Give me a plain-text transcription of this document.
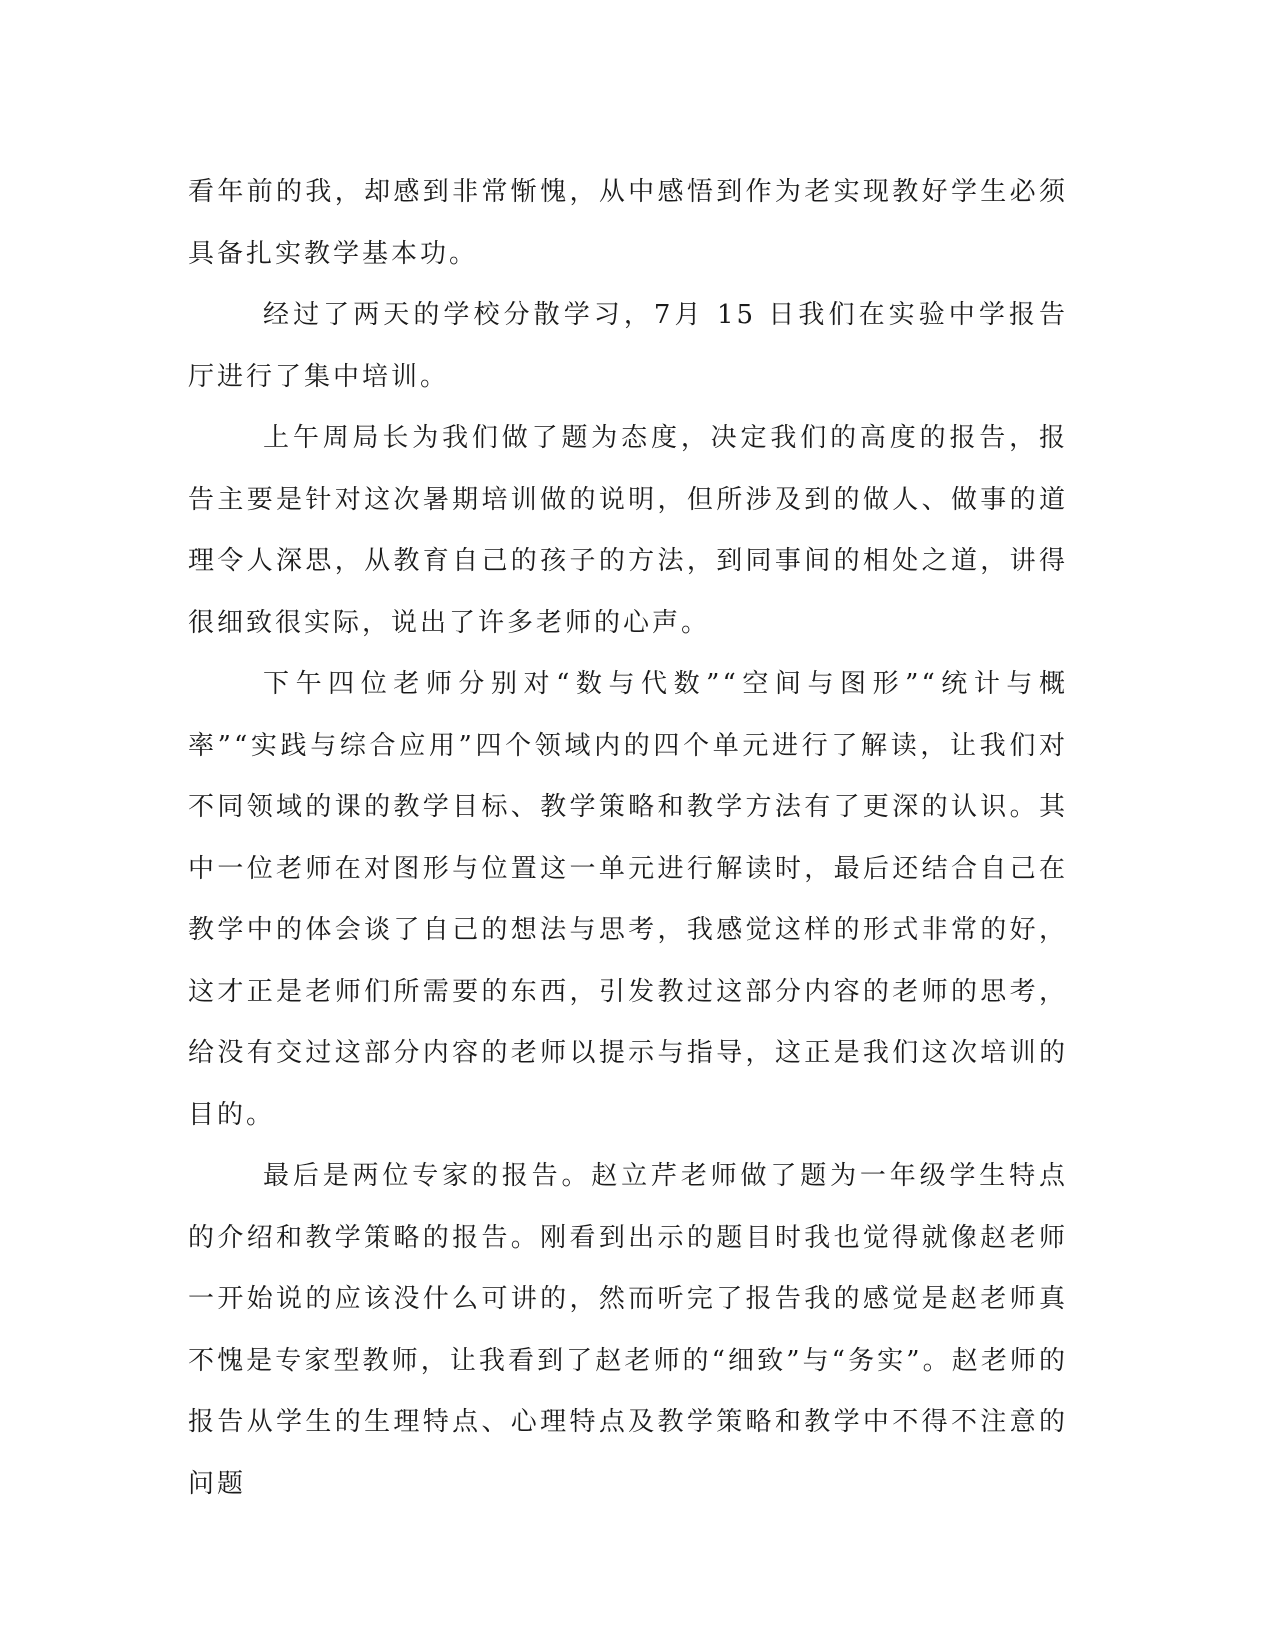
看年前的我，却感到非常惭愧，从中感悟到作为老实现教好学生必须具备扎实教学基本功。

经过了两天的学校分散学习，7月 15 日我们在实验中学报告厅进行了集中培训。

上午周局长为我们做了题为态度，决定我们的高度的报告，报告主要是针对这次暑期培训做的说明，但所涉及到的做人、做事的道理令人深思，从教育自己的孩子的方法，到同事间的相处之道，讲得很细致很实际，说出了许多老师的心声。

下午四位老师分别对“数与代数”“空间与图形”“统计与概率”“实践与综合应用”四个领域内的四个单元进行了解读，让我们对不同领域的课的教学目标、教学策略和教学方法有了更深的认识。其中一位老师在对图形与位置这一单元进行解读时，最后还结合自己在教学中的体会谈了自己的想法与思考，我感觉这样的形式非常的好，这才正是老师们所需要的东西，引发教过这部分内容的老师的思考，给没有交过这部分内容的老师以提示与指导，这正是我们这次培训的目的。

最后是两位专家的报告。赵立芹老师做了题为一年级学生特点的介绍和教学策略的报告。刚看到出示的题目时我也觉得就像赵老师一开始说的应该没什么可讲的，然而听完了报告我的感觉是赵老师真不愧是专家型教师，让我看到了赵老师的“细致”与“务实”。赵老师的报告从学生的生理特点、心理特点及教学策略和教学中不得不注意的问题
